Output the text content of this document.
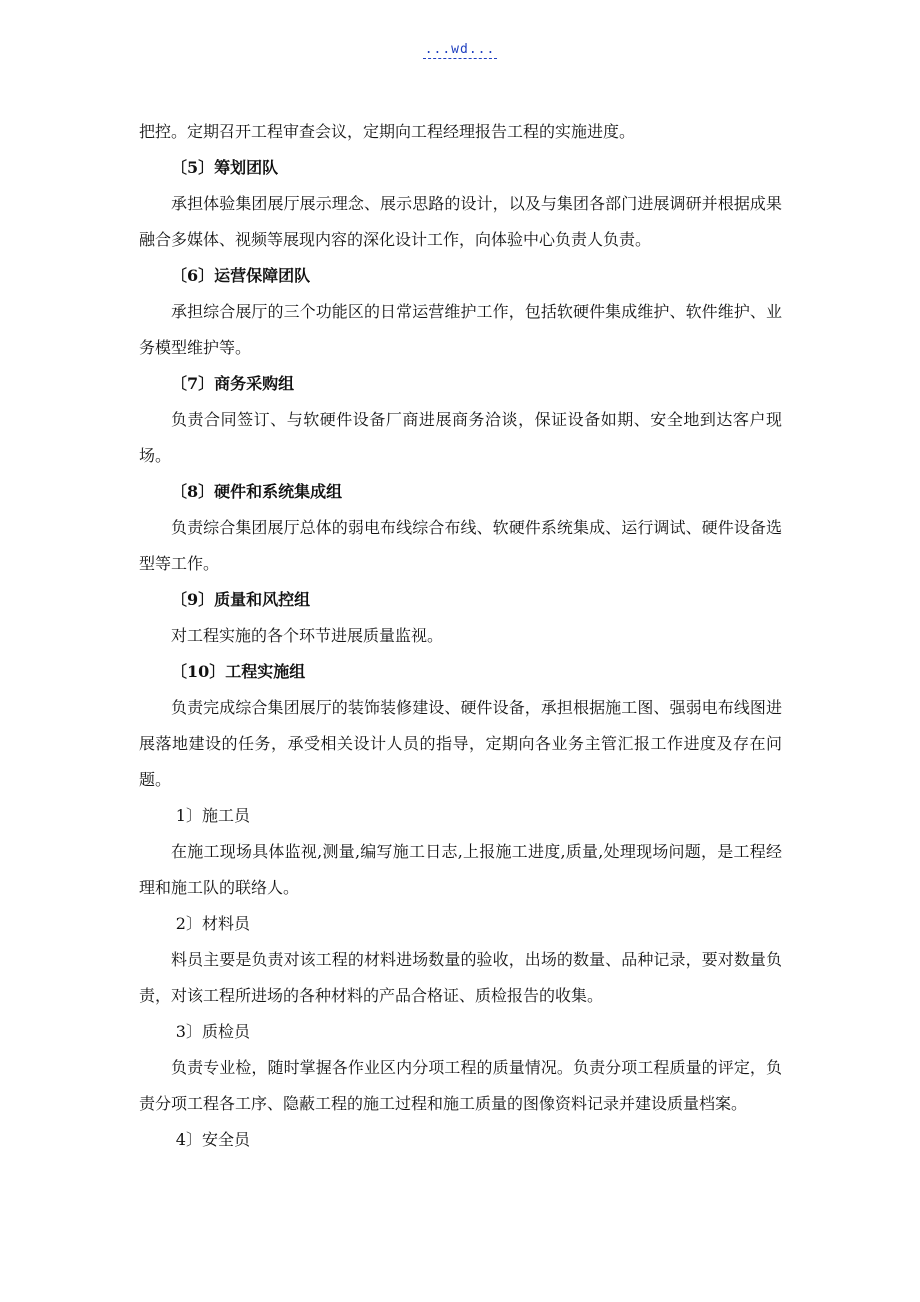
...wd...

把控。定期召开工程审查会议，定期向工程经理报告工程的实施进度。

〔5〕筹划团队

承担体验集团展厅展示理念、展示思路的设计，以及与集团各部门进展调研并根据成果融合多媒体、视频等展现内容的深化设计工作，向体验中心负责人负责。

〔6〕运营保障团队

承担综合展厅的三个功能区的日常运营维护工作，包括软硬件集成维护、软件维护、业务模型维护等。

〔7〕商务采购组

负责合同签订、与软硬件设备厂商进展商务洽谈，保证设备如期、安全地到达客户现场。

〔8〕硬件和系统集成组

负责综合集团展厅总体的弱电布线综合布线、软硬件系统集成、运行调试、硬件设备选型等工作。

〔9〕质量和风控组

对工程实施的各个环节进展质量监视。

〔10〕工程实施组

负责完成综合集团展厅的装饰装修建设、硬件设备，承担根据施工图、强弱电布线图进展落地建设的任务，承受相关设计人员的指导，定期向各业务主管汇报工作进度及存在问题。

1〕施工员

在施工现场具体监视,测量,编写施工日志,上报施工进度,质量,处理现场问题，是工程经理和施工队的联络人。

2〕材料员

料员主要是负责对该工程的材料进场数量的验收，出场的数量、品种记录，要对数量负责，对该工程所进场的各种材料的产品合格证、质检报告的收集。

3〕质检员

负责专业检，随时掌握各作业区内分项工程的质量情况。负责分项工程质量的评定，负责分项工程各工序、隐蔽工程的施工过程和施工质量的图像资料记录并建设质量档案。

4〕安全员
